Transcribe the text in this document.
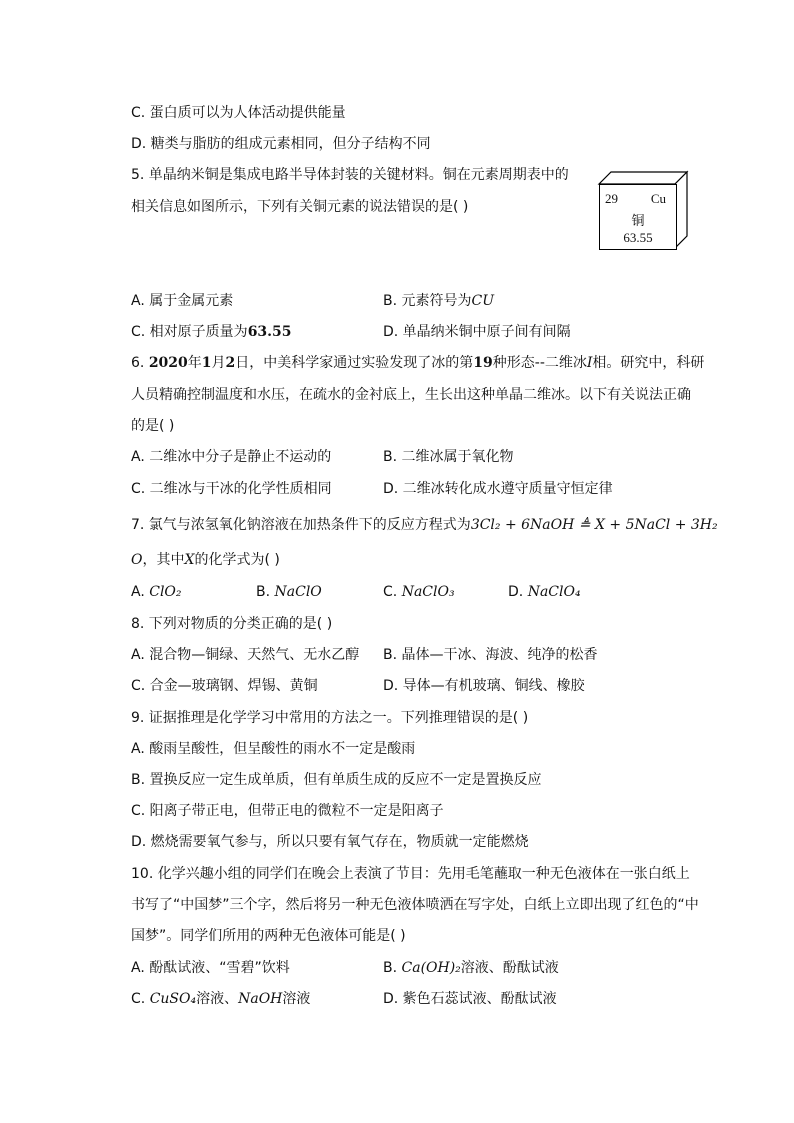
C. 蛋白质可以为人体活动提供能量
D. 糖类与脂肪的组成元素相同，但分子结构不同
5. 单晶纳米铜是集成电路半导体封装的关键材料。铜在元素周期表中的
相关信息如图所示，下列有关铜元素的说法错误的是( )
29	Cu
铜
63.55
A. 属于金属元素	B. 元素符号为CU
C. 相对原子质量为63.55	D. 单晶纳米铜中原子间有间隔
6. 2020年1月2日，中美科学家通过实验发现了冰的第19种形态--二维冰I相。研究中，科研
人员精确控制温度和水压，在疏水的金衬底上，生长出这种单晶二维冰。以下有关说法正确
的是( )
A. 二维冰中分子是静止不运动的	B. 二维冰属于氧化物
C. 二维冰与干冰的化学性质相同	D. 二维冰转化成水遵守质量守恒定律
7. 氯气与浓氢氧化钠溶液在加热条件下的反应方程式为3Cl₂ + 6NaOH ≜ X + 5NaCl + 3H₂
O，其中X的化学式为( )
A. ClO₂	B. NaClO	C. NaClO₃	D. NaClO₄
8. 下列对物质的分类正确的是( )
A. 混合物—铜绿、天然气、无水乙醇 B. 晶体—干冰、海波、纯净的松香
C. 合金—玻璃钢、焊锡、黄铜	D. 导体—有机玻璃、铜线、橡胶
9. 证据推理是化学学习中常用的方法之一。下列推理错误的是( )
A. 酸雨呈酸性，但呈酸性的雨水不一定是酸雨
B. 置换反应一定生成单质，但有单质生成的反应不一定是置换反应
C. 阳离子带正电，但带正电的微粒不一定是阳离子
D. 燃烧需要氧气参与，所以只要有氧气存在，物质就一定能燃烧
10. 化学兴趣小组的同学们在晚会上表演了节目：先用毛笔蘸取一种无色液体在一张白纸上
书写了“中国梦”三个字，然后将另一种无色液体喷洒在写字处，白纸上立即出现了红色的“中
国梦”。同学们所用的两种无色液体可能是( )
A. 酚酞试液、“雪碧”饮料	B. Ca(OH)₂溶液、酚酞试液
C. CuSO₄溶液、NaOH溶液	D. 紫色石蕊试液、酚酞试液
